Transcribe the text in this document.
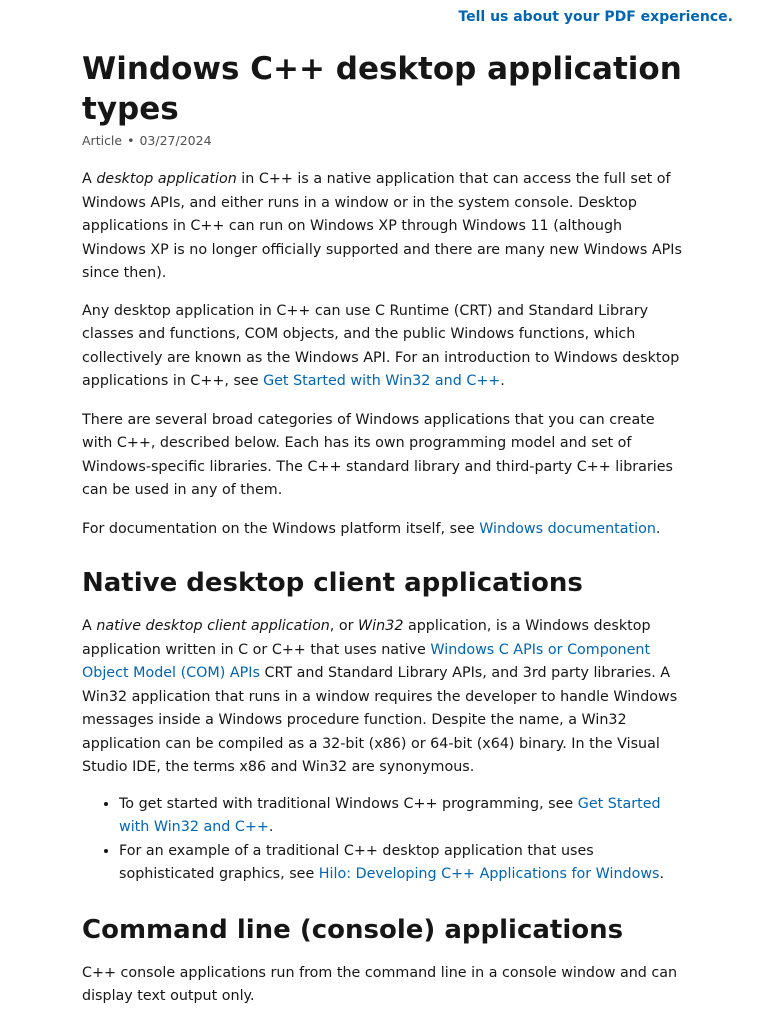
Tell us about your PDF experience.
Windows C++ desktop application types
Article • 03/27/2024

A desktop application in C++ is a native application that can access the full set of Windows APIs, and either runs in a window or in the system console. Desktop applications in C++ can run on Windows XP through Windows 11 (although Windows XP is no longer officially supported and there are many new Windows APIs since then).

Any desktop application in C++ can use C Runtime (CRT) and Standard Library classes and functions, COM objects, and the public Windows functions, which collectively are known as the Windows API. For an introduction to Windows desktop applications in C++, see Get Started with Win32 and C++.

There are several broad categories of Windows applications that you can create with C++, described below. Each has its own programming model and set of Windows-specific libraries. The C++ standard library and third-party C++ libraries can be used in any of them.

For documentation on the Windows platform itself, see Windows documentation.

Native desktop client applications

A native desktop client application, or Win32 application, is a Windows desktop application written in C or C++ that uses native Windows C APIs or Component Object Model (COM) APIs CRT and Standard Library APIs, and 3rd party libraries. A Win32 application that runs in a window requires the developer to handle Windows messages inside a Windows procedure function. Despite the name, a Win32 application can be compiled as a 32-bit (x86) or 64-bit (x64) binary. In the Visual Studio IDE, the terms x86 and Win32 are synonymous.

• To get started with traditional Windows C++ programming, see Get Started with Win32 and C++.
• For an example of a traditional C++ desktop application that uses sophisticated graphics, see Hilo: Developing C++ Applications for Windows.
Command line (console) applications

C++ console applications run from the command line in a console window and can display text output only.
